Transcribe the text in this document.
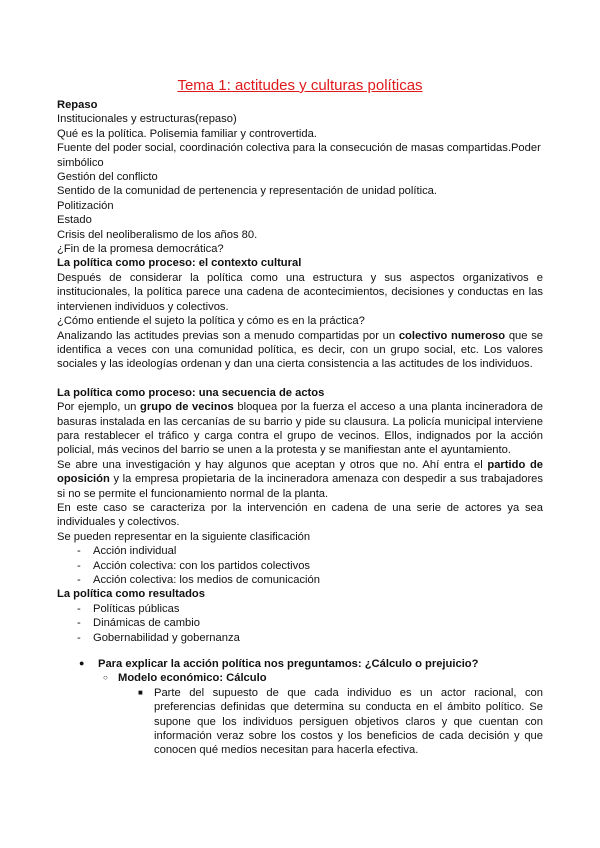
Tema 1: actitudes y culturas políticas

Repaso

Institucionales y estructuras(repaso)

Qué es la política. Polisemia familiar y controvertida.

Fuente del poder social, coordinación colectiva para la consecución de masas compartidas.Poder simbólico

Gestión del conflicto

Sentido de la comunidad de pertenencia y representación de unidad política.

Politización

Estado

Crisis del neoliberalismo de los años 80.

¿Fin de la promesa democrática?

La política como proceso: el contexto cultural

Después de considerar la política como una estructura y sus aspectos organizativos e institucionales, la política parece una cadena de acontecimientos, decisiones y conductas en las intervienen individuos y colectivos.

¿Cómo entiende el sujeto la política y cómo es en la práctica?

Analizando las actitudes previas son a menudo compartidas por un colectivo numeroso que se identifica a veces con una comunidad política, es decir, con un grupo social, etc. Los valores sociales y las ideologías ordenan y dan una cierta consistencia a las actitudes de los individuos.

La política como proceso: una secuencia de actos

Por ejemplo, un grupo de vecinos bloquea por la fuerza el acceso a una planta incineradora de basuras instalada en las cercanías de su barrio y pide su clausura. La policía municipal interviene para restablecer el tráfico y carga contra el grupo de vecinos. Ellos, indignados por la acción policial, más vecinos del barrio se unen a la protesta y se manifiestan ante el ayuntamiento.

Se abre una investigación y hay algunos que aceptan y otros que no. Ahí entra el partido de oposición y la empresa propietaria de la incineradora amenaza con despedir a sus trabajadores si no se permite el funcionamiento normal de la planta.

En este caso se caracteriza por la intervención en cadena de una serie de actores ya sea individuales y colectivos.

Se pueden representar en la siguiente clasificación

- Acción individual
- Acción colectiva: con los partidos colectivos
- Acción colectiva: los medios de comunicación

La política como resultados

- Políticas públicas
- Dinámicas de cambio
- Gobernabilidad y gobernanza
● Para explicar la acción política nos preguntamos: ¿Cálculo o prejuicio?
○ Modelo económico: Cálculo
■ Parte del supuesto de que cada individuo es un actor racional, con preferencias definidas que determina su conducta en el ámbito político. Se supone que los individuos persiguen objetivos claros y que cuentan con información veraz sobre los costos y los beneficios de cada decisión y que conocen qué medios necesitan para hacerla efectiva.
